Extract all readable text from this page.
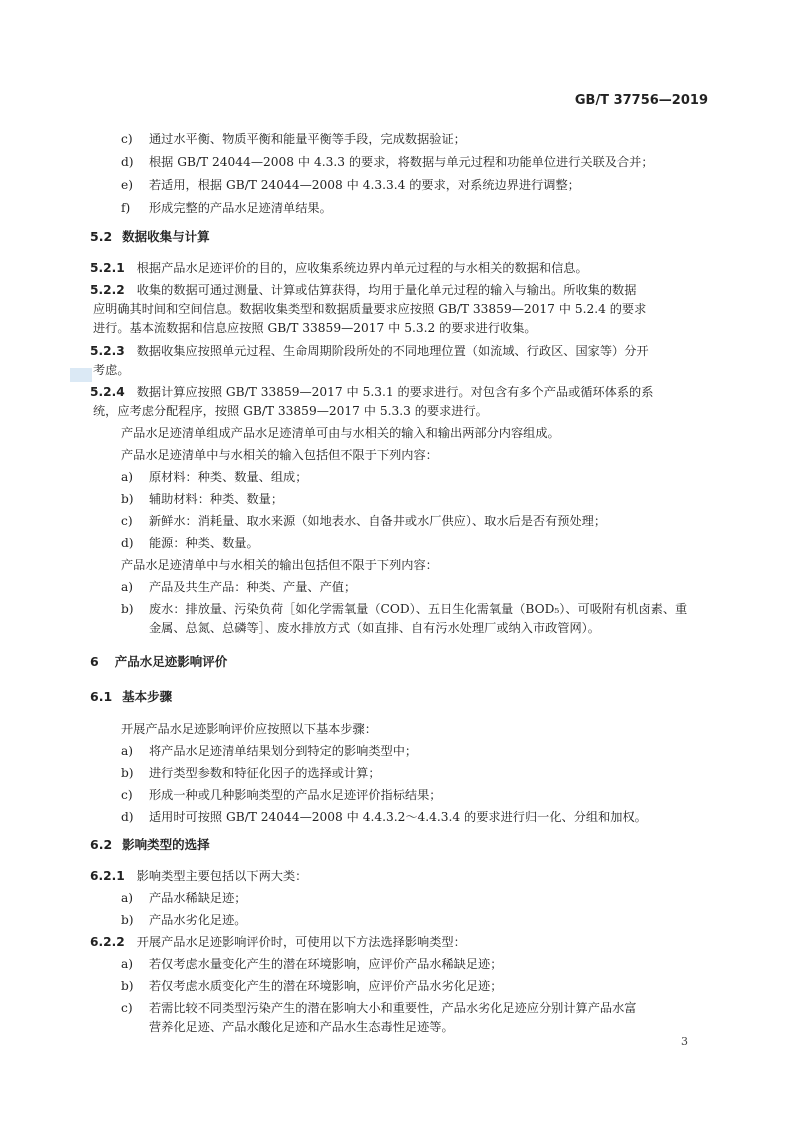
GB/T 37756—2019
c) 通过水平衡、物质平衡和能量平衡等手段，完成数据验证；
d) 根据 GB/T 24044—2008 中 4.3.3 的要求，将数据与单元过程和功能单位进行关联及合并；
e) 若适用，根据 GB/T 24044—2008 中 4.3.3.4 的要求，对系统边界进行调整；
f) 形成完整的产品水足迹清单结果。
5.2 数据收集与计算
5.2.1 根据产品水足迹评价的目的，应收集系统边界内单元过程的与水相关的数据和信息。
5.2.2 收集的数据可通过测量、计算或估算获得，均用于量化单元过程的输入与输出。所收集的数据
应明确其时间和空间信息。数据收集类型和数据质量要求应按照 GB/T 33859—2017 中 5.2.4 的要求
进行。基本流数据和信息应按照 GB/T 33859—2017 中 5.3.2 的要求进行收集。
5.2.3 数据收集应按照单元过程、生命周期阶段所处的不同地理位置（如流域、行政区、国家等）分开
考虑。
5.2.4 数据计算应按照 GB/T 33859—2017 中 5.3.1 的要求进行。对包含有多个产品或循环体系的系
统，应考虑分配程序，按照 GB/T 33859—2017 中 5.3.3 的要求进行。
产品水足迹清单组成产品水足迹清单可由与水相关的输入和输出两部分内容组成。
产品水足迹清单中与水相关的输入包括但不限于下列内容：
a) 原材料：种类、数量、组成；
b) 辅助材料：种类、数量；
c) 新鲜水：消耗量、取水来源（如地表水、自备井或水厂供应）、取水后是否有预处理；
d) 能源：种类、数量。
产品水足迹清单中与水相关的输出包括但不限于下列内容：
a) 产品及共生产品：种类、产量、产值；
b) 废水：排放量、污染负荷［如化学需氧量（COD）、五日生化需氧量（BOD₅）、可吸附有机卤素、重
金属、总氮、总磷等］、废水排放方式（如直排、自有污水处理厂或纳入市政管网）。
6 产品水足迹影响评价
6.1 基本步骤
开展产品水足迹影响评价应按照以下基本步骤：
a) 将产品水足迹清单结果划分到特定的影响类型中；
b) 进行类型参数和特征化因子的选择或计算；
c) 形成一种或几种影响类型的产品水足迹评价指标结果；
d) 适用时可按照 GB/T 24044—2008 中 4.4.3.2～4.4.3.4 的要求进行归一化、分组和加权。
6.2 影响类型的选择
6.2.1 影响类型主要包括以下两大类：
a) 产品水稀缺足迹；
b) 产品水劣化足迹。
6.2.2 开展产品水足迹影响评价时，可使用以下方法选择影响类型：
a) 若仅考虑水量变化产生的潜在环境影响，应评价产品水稀缺足迹；
b) 若仅考虑水质变化产生的潜在环境影响，应评价产品水劣化足迹；
c) 若需比较不同类型污染产生的潜在影响大小和重要性，产品水劣化足迹应分别计算产品水富
营养化足迹、产品水酸化足迹和产品水生态毒性足迹等。
3
